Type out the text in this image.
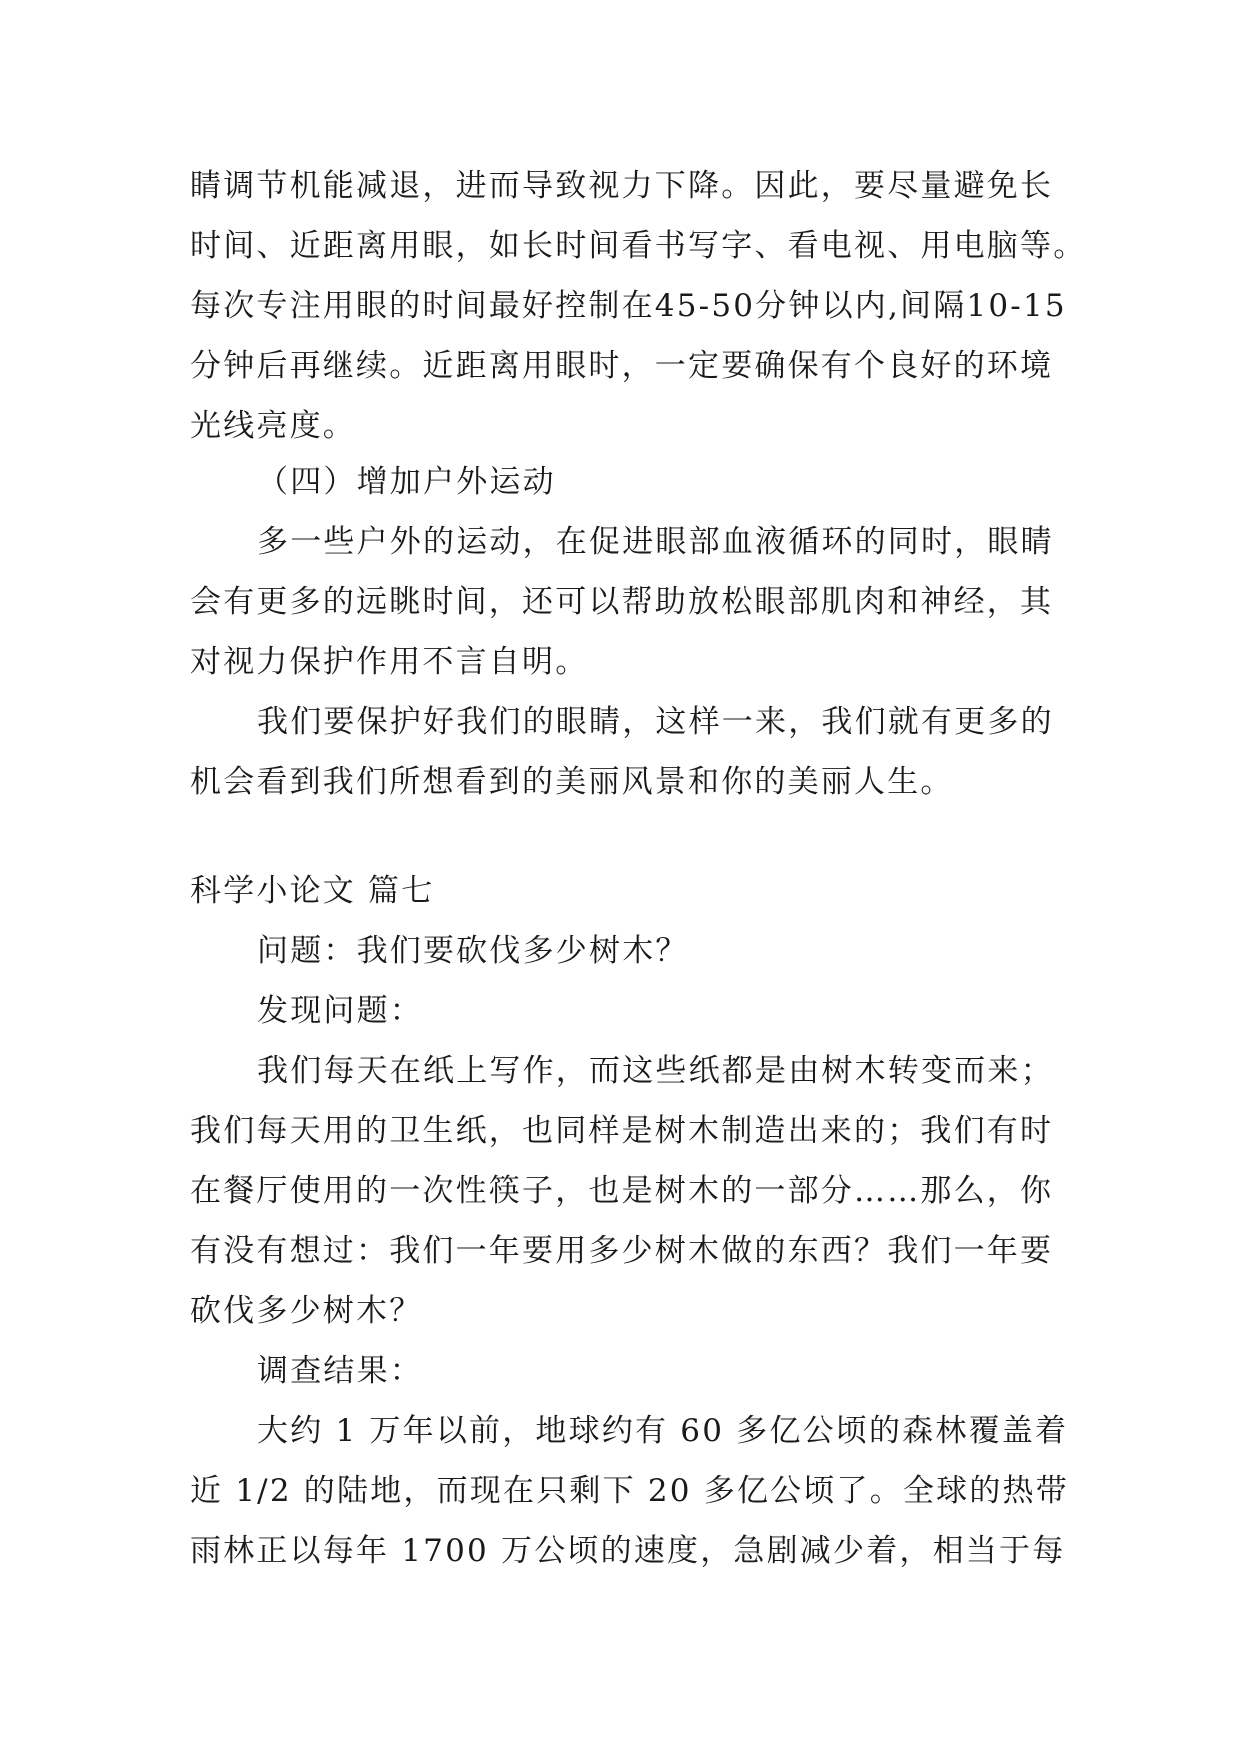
睛调节机能减退，进而导致视力下降。因此，要尽量避免长
时间、近距离用眼，如长时间看书写字、看电视、用电脑等。
每次专注用眼的时间最好控制在45-50分钟以内,间隔10-15
分钟后再继续。近距离用眼时，一定要确保有个良好的环境
光线亮度。
（四）增加户外运动
多一些户外的运动，在促进眼部血液循环的同时，眼睛
会有更多的远眺时间，还可以帮助放松眼部肌肉和神经，其
对视力保护作用不言自明。
我们要保护好我们的眼睛，这样一来，我们就有更多的
机会看到我们所想看到的美丽风景和你的美丽人生。
科学小论文 篇七
问题：我们要砍伐多少树木？
发现问题：
我们每天在纸上写作，而这些纸都是由树木转变而来；
我们每天用的卫生纸，也同样是树木制造出来的；我们有时
在餐厅使用的一次性筷子，也是树木的一部分……那么，你
有没有想过：我们一年要用多少树木做的东西？我们一年要
砍伐多少树木？
调查结果：
大约 1 万年以前，地球约有 60 多亿公顷的森林覆盖着
近 1/2 的陆地，而现在只剩下 20 多亿公顷了。全球的热带
雨林正以每年 1700 万公顷的速度，急剧减少着，相当于每
